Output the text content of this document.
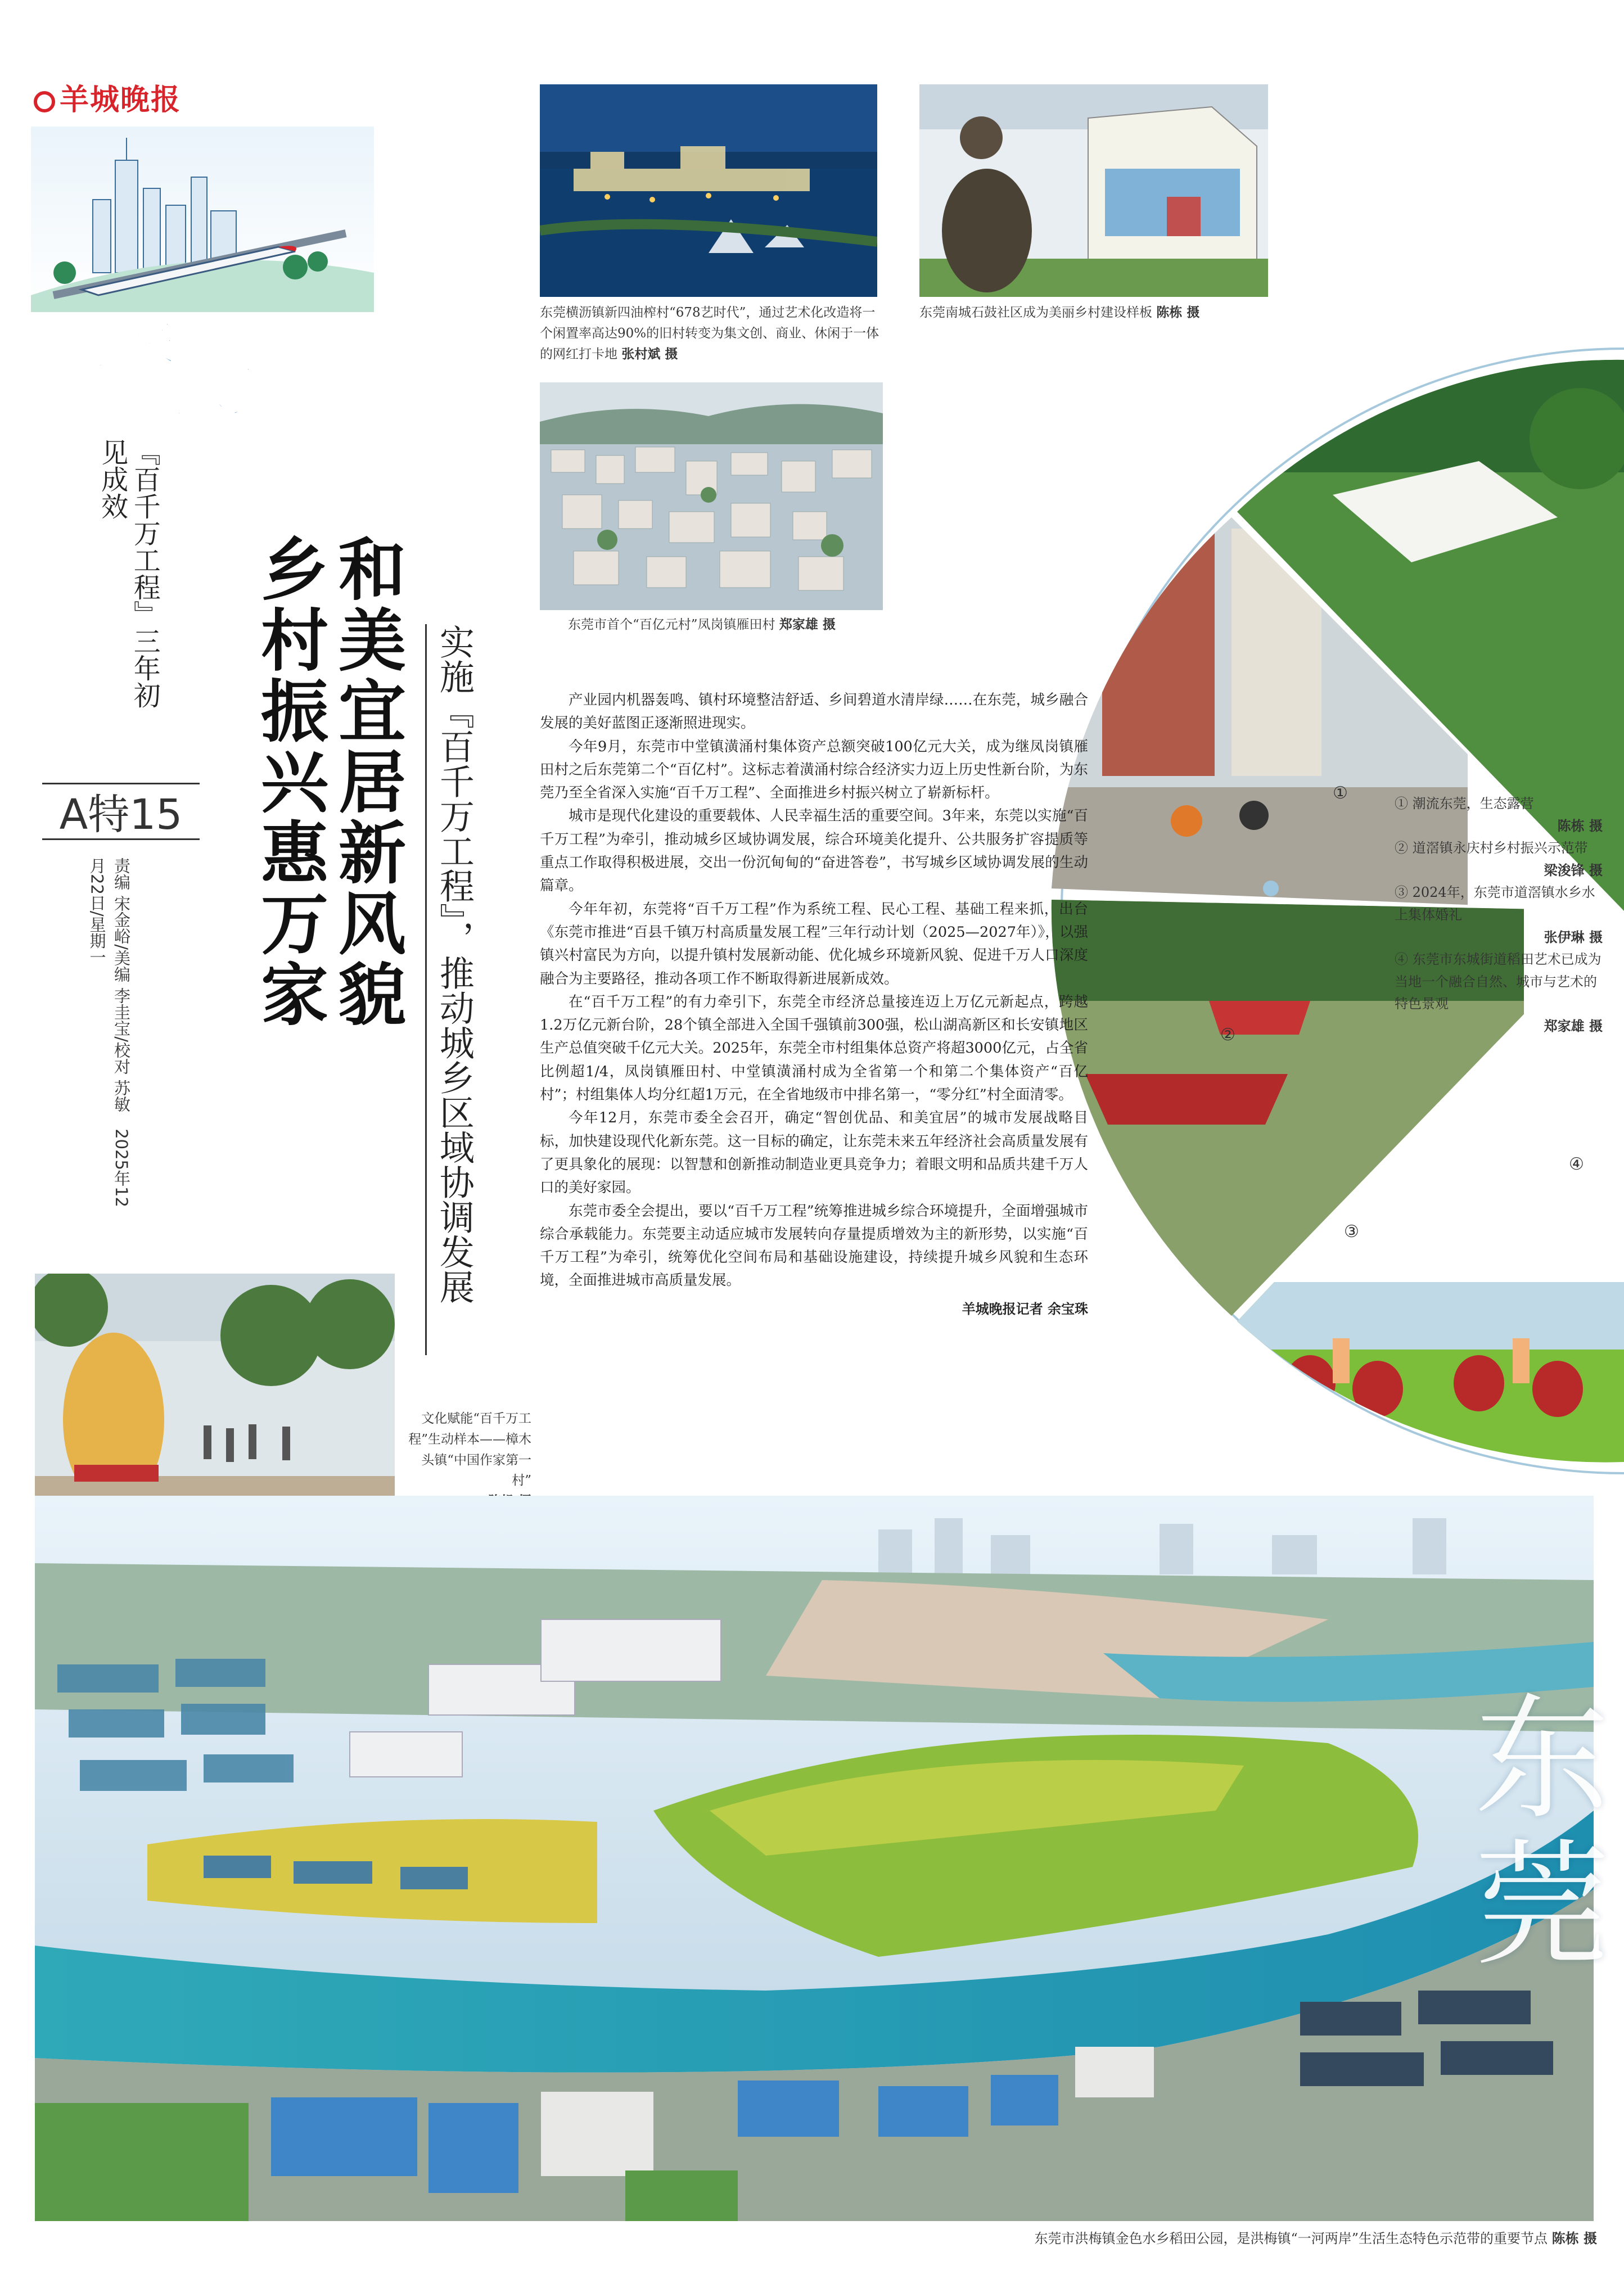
羊城晚报
粤来
粤好
『百千万工程』三年初见成效
A特15
责编 宋金峪/美编 李圭宝/校对 苏敏　2025年12月22日/星期一	和美宜居新风貌
乡村振兴惠万家	实施『百千万工程』，推动城乡区域协调发展
东莞横沥镇新四油榨村“678艺时代”，通过艺术化改造将一个闲置率高达90%的旧村转变为集文创、商业、休闲于一体的网红打卡地 张村斌 摄
东莞南城石鼓社区成为美丽乡村建设样板 陈栋 摄
东莞市首个“百亿元村”凤岗镇雁田村 郑家雄 摄
①
②
③
④
① 潮流东莞，生态露营
陈栋 摄
② 道滘镇永庆村乡村振兴示范带
梁浚锋 摄
③ 2024年，东莞市道滘镇水乡水上集体婚礼
张伊琳 摄
④ 东莞市东城街道稻田艺术已成为当地一个融合自然、城市与艺术的特色景观
郑家雄 摄

产业园内机器轰鸣、镇村环境整洁舒适、乡间碧道水清岸绿……在东莞，城乡融合发展的美好蓝图正逐渐照进现实。

今年9月，东莞市中堂镇潢涌村集体资产总额突破100亿元大关，成为继凤岗镇雁田村之后东莞第二个“百亿村”。这标志着潢涌村综合经济实力迈上历史性新台阶，为东莞乃至全省深入实施“百千万工程”、全面推进乡村振兴树立了崭新标杆。

城市是现代化建设的重要载体、人民幸福生活的重要空间。3年来，东莞以实施“百千万工程”为牵引，推动城乡区域协调发展，综合环境美化提升、公共服务扩容提质等重点工作取得积极进展，交出一份沉甸甸的“奋进答卷”，书写城乡区域协调发展的生动篇章。

今年年初，东莞将“百千万工程”作为系统工程、民心工程、基础工程来抓，出台《东莞市推进“百县千镇万村高质量发展工程”三年行动计划（2025—2027年）》，以强镇兴村富民为方向，以提升镇村发展新动能、优化城乡环境新风貌、促进千万人口深度融合为主要路径，推动各项工作不断取得新进展新成效。

在“百千万工程”的有力牵引下，东莞全市经济总量接连迈上万亿元新起点，跨越1.2万亿元新台阶，28个镇全部进入全国千强镇前300强，松山湖高新区和长安镇地区生产总值突破千亿元大关。2025年，东莞全市村组集体总资产将超3000亿元，占全省比例超1/4，凤岗镇雁田村、中堂镇潢涌村成为全省第一个和第二个集体资产“百亿村”；村组集体人均分红超1万元，在全省地级市中排名第一，“零分红”村全面清零。

今年12月，东莞市委全会召开，确定“智创优品、和美宜居”的城市发展战略目标，加快建设现代化新东莞。这一目标的确定，让东莞未来五年经济社会高质量发展有了更具象化的展现：以智慧和创新推动制造业更具竞争力；着眼文明和品质共建千万人口的美好家园。

东莞市委全会提出，要以“百千万工程”统筹推进城乡综合环境提升，全面增强城市综合承载能力。东莞要主动适应城市发展转向存量提质增效为主的新形势，以实施“百千万工程”为牵引，统筹优化空间布局和基础设施建设，持续提升城乡风貌和生态环境，全面推进城市高质量发展。

羊城晚报记者 余宝珠

文化赋能“百千万工程”生动样本——樟木头镇“中国作家第一村”

东莞
东莞市洪梅镇金色水乡稻田公园，是洪梅镇“一河两岸”生活生态特色示范带的重要节点 陈栋 摄
